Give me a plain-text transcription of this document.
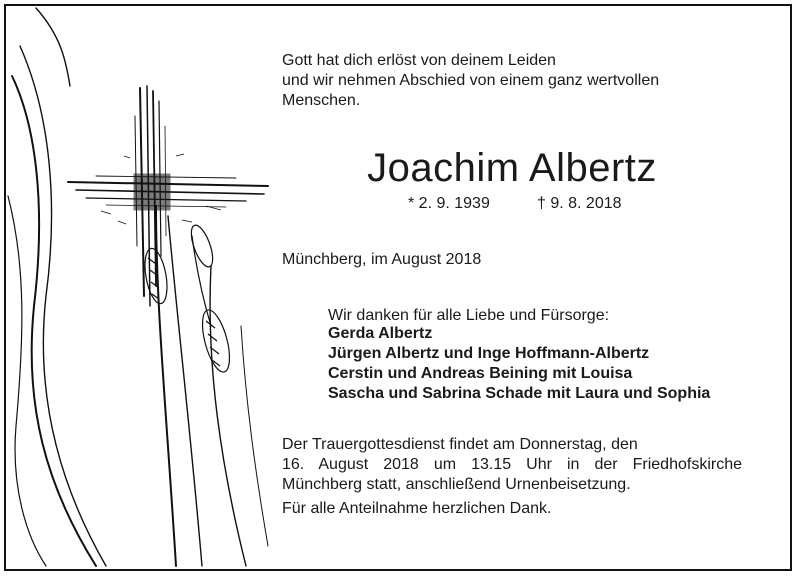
Gott hat dich erlöst von deinem Leiden
und wir nehmen Abschied von einem ganz wertvollen
Menschen.
Joachim Albertz
* 2. 9. 1939	† 9. 8. 2018
Münchberg, im August 2018
Wir danken für alle Liebe und Fürsorge:
Gerda Albertz
Jürgen Albertz und Inge Hoffmann-Albertz
Cerstin und Andreas Beining mit Louisa
Sascha und Sabrina Schade mit Laura und Sophia
Der Trauergottesdienst findet am Donnerstag, den
16. August 2018 um 13.15 Uhr in der Friedhofskirche
Münchberg statt, anschließend Urnenbeisetzung.
Für alle Anteilnahme herzlichen Dank.
